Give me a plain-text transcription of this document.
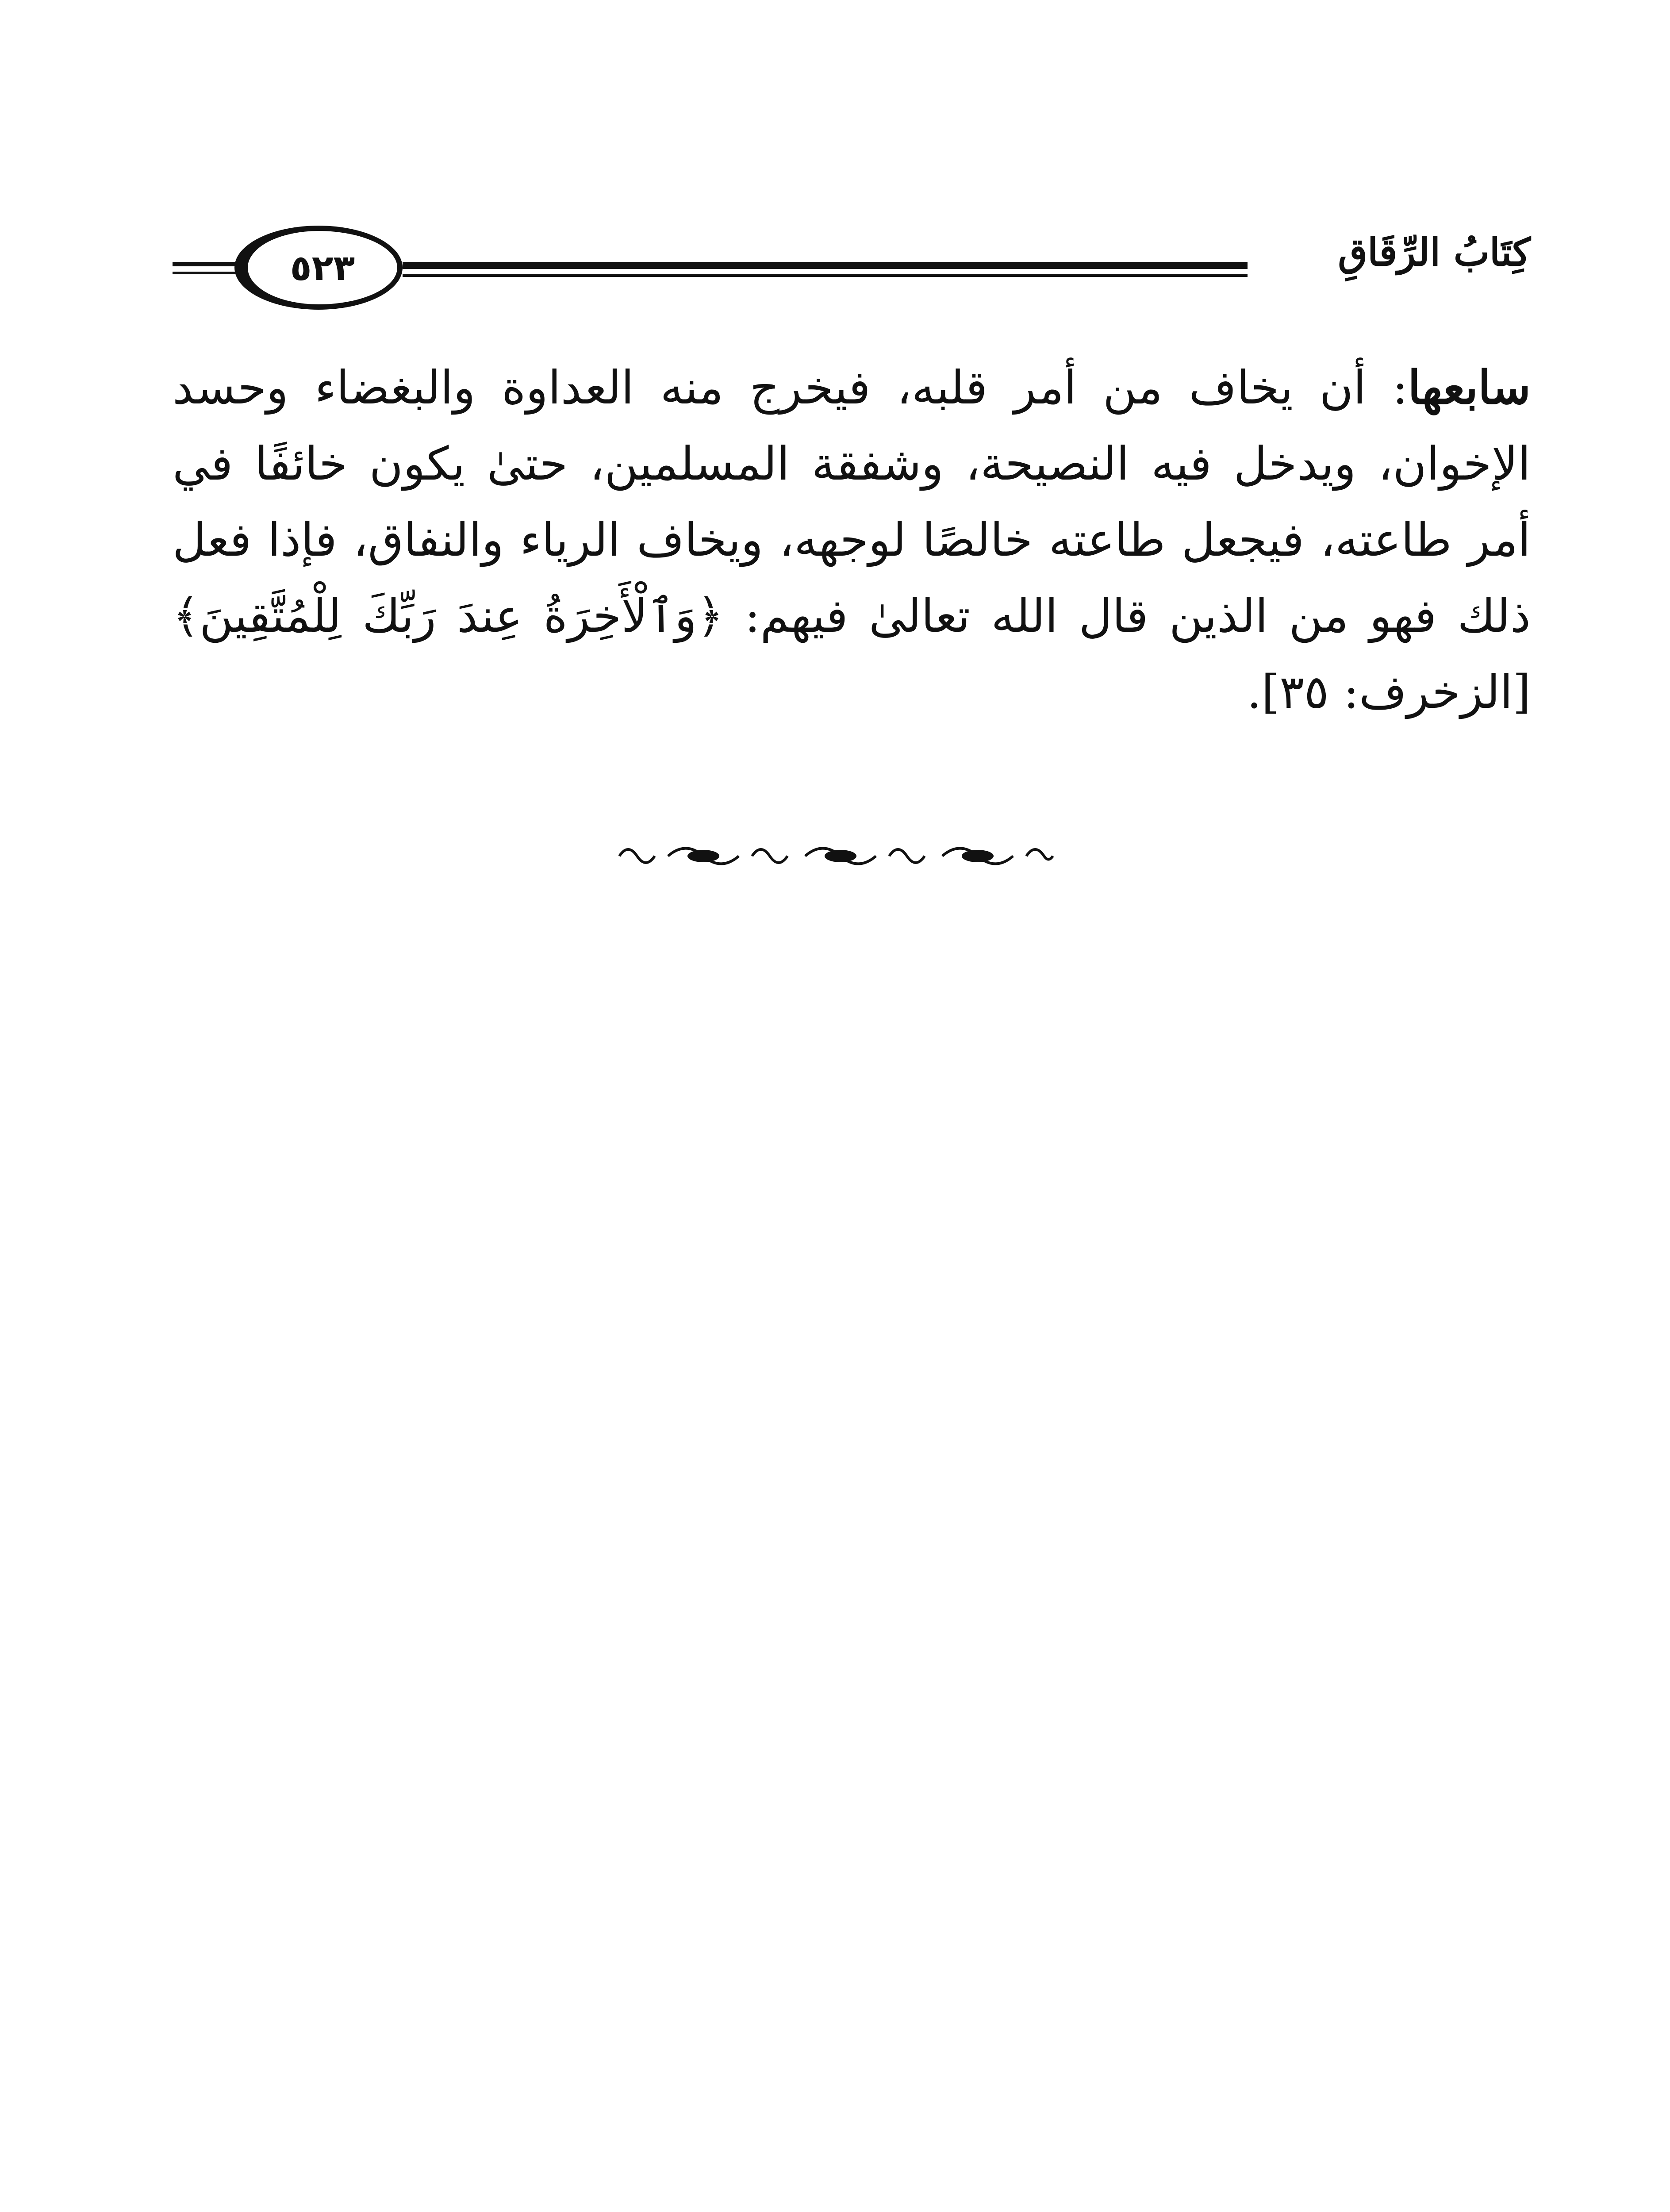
٥٢٣	كِتَابُ الرِّقَاقِ
سابعها: أن يخاف من أمر قلبه، فيخرج منه العداوة والبغضاء وحسد الإخوان، ويدخل فيه النصيحة، وشفقة المسلمين، حتىٰ يكون خائفًا في أمر طاعته، فيجعل طاعته خالصًا لوجهه، ويخاف الرياء والنفاق، فإذا فعل ذلك فهو من الذين قال الله تعالىٰ فيهم: ﴿وَٱلْأَخِرَةُ عِندَ رَبِّكَ لِلْمُتَّقِينَ﴾ [الزخرف: ٣٥].
